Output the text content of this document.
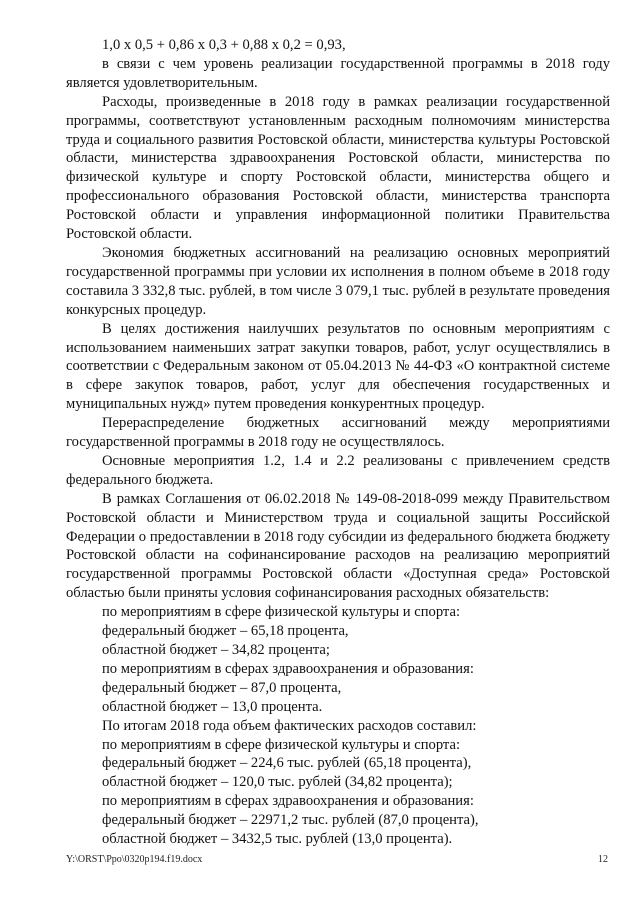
1,0 x 0,5 + 0,86 x 0,3 + 0,88 x 0,2 = 0,93,

в связи с чем уровень реализации государственной программы в 2018 году является удовлетворительным.

Расходы, произведенные в 2018 году в рамках реализации государственной программы, соответствуют установленным расходным полномочиям министерства труда и социального развития Ростовской области, министерства культуры Ростовской области, министерства здравоохранения Ростовской области, министерства по физической культуре и спорту Ростовской области, министерства общего и профессионального образования Ростовской области, министерства транспорта Ростовской области и управления информационной политики Правительства Ростовской области.

Экономия бюджетных ассигнований на реализацию основных мероприятий государственной программы при условии их исполнения в полном объеме в 2018 году составила 3 332,8 тыс. рублей, в том числе 3 079,1 тыс. рублей в результате проведения конкурсных процедур.

В целях достижения наилучших результатов по основным мероприятиям с использованием наименьших затрат закупки товаров, работ, услуг осуществлялись в соответствии с Федеральным законом от 05.04.2013 № 44-ФЗ «О контрактной системе в сфере закупок товаров, работ, услуг для обеспечения государственных и муниципальных нужд» путем проведения конкурентных процедур.

Перераспределение бюджетных ассигнований между мероприятиями государственной программы в 2018 году не осуществлялось.

Основные мероприятия 1.2, 1.4 и 2.2 реализованы с привлечением средств федерального бюджета.

В рамках Соглашения от 06.02.2018 № 149-08-2018-099 между Правительством Ростовской области и Министерством труда и социальной защиты Российской Федерации о предоставлении в 2018 году субсидии из федерального бюджета бюджету Ростовской области на софинансирование расходов на реализацию мероприятий государственной программы Ростовской области «Доступная среда» Ростовской областью были приняты условия софинансирования расходных обязательств:

по мероприятиям в сфере физической культуры и спорта:

федеральный бюджет – 65,18 процента,

областной бюджет – 34,82 процента;

по мероприятиям в сферах здравоохранения и образования:

федеральный бюджет – 87,0 процента,

областной бюджет – 13,0 процента.

По итогам 2018 года объем фактических расходов составил:

по мероприятиям в сфере физической культуры и спорта:

федеральный бюджет – 224,6 тыс. рублей (65,18 процента),

областной бюджет – 120,0 тыс. рублей (34,82 процента);

по мероприятиям в сферах здравоохранения и образования:

федеральный бюджет – 22971,2 тыс. рублей (87,0 процента),

областной бюджет – 3432,5 тыс. рублей (13,0 процента).

Y:\ORST\Ppo\0320p194.f19.docx	12
